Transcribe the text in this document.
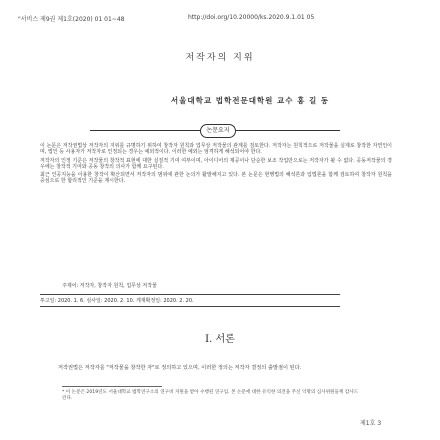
"서비스 제9권 제1호(2020) 01 01~48	http://doi.org/10.20000/ks.2020.9.1.01 05
저작자의 지위
서울대학교 법학전문대학원 교수 홍 길 동
논문요지

이 논문은 저작권법상 저작자의 지위를 규명하기 위하여 창작자 원칙과 업무상 저작물의 관계를 검토한다. 저작자는 원칙적으로 저작물을 실제로 창작한 자연인이며, 법인 등 사용자가 저작자로 인정되는 경우는 예외적이다. 이러한 예외는 엄격하게 해석되어야 한다.

저작자의 인정 기준은 저작물의 창작적 표현에 대한 실질적 기여 여부이며, 아이디어의 제공이나 단순한 보조 작업만으로는 저작자가 될 수 없다. 공동저작물의 경우에는 창작적 기여와 공동 창작의 의사가 함께 요구된다.

최근 인공지능을 이용한 창작이 확산되면서 저작자의 범위에 관한 논의가 활발해지고 있다. 본 논문은 현행법의 해석론과 입법론을 함께 검토하여 창작자 원칙을 중심으로 한 합리적인 기준을 제시한다.

주제어: 저작자, 창작자 원칙, 업무상 저작물
투고일: 2020. 1. 6. 심사일: 2020. 2. 10. 게재확정일: 2020. 2. 20.
I. 서론
저작권법은 저작자를 "저작물을 창작한 자"로 정의하고 있으며, 이러한 정의는 저작자 결정의 출발점이 된다.
* 이 논문은 2019년도 서울대학교 법학연구소의 연구비 지원을 받아 수행된 연구임. 본 논문에 대한 유익한 의견을 주신 익명의 심사위원들께 감사드린다.
제1호 3
